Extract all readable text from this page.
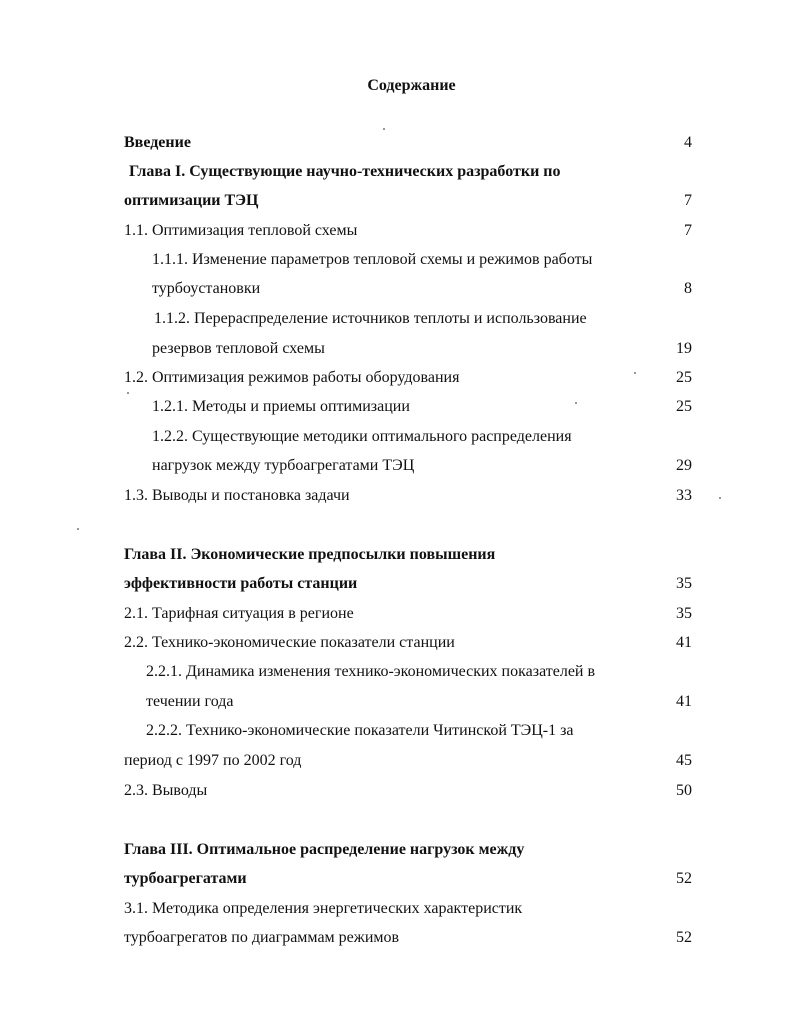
Содержание
Введение	4
Глава I. Существующие научно-технических разработки по
оптимизации ТЭЦ	7
1.1. Оптимизация тепловой схемы	7
1.1.1. Изменение параметров тепловой схемы и режимов работы
турбоустановки	8
1.1.2. Перераспределение источников теплоты и использование
резервов тепловой схемы	19
1.2. Оптимизация режимов работы оборудования	25
1.2.1. Методы и приемы оптимизации	25
1.2.2. Существующие методики оптимального распределения
нагрузок между турбоагрегатами ТЭЦ	29
1.3. Выводы и постановка задачи	33
Глава II. Экономические предпосылки повышения
эффективности работы станции	35
2.1. Тарифная ситуация в регионе	35
2.2. Технико-экономические показатели станции	41
2.2.1. Динамика изменения технико-экономических показателей в
течении года	41
2.2.2. Технико-экономические показатели Читинской ТЭЦ-1 за
период с 1997 по 2002 год	45
2.3. Выводы	50
Глава III. Оптимальное распределение нагрузок между
турбоагрегатами	52
3.1. Методика определения энергетических характеристик
турбоагрегатов по диаграммам режимов	52
